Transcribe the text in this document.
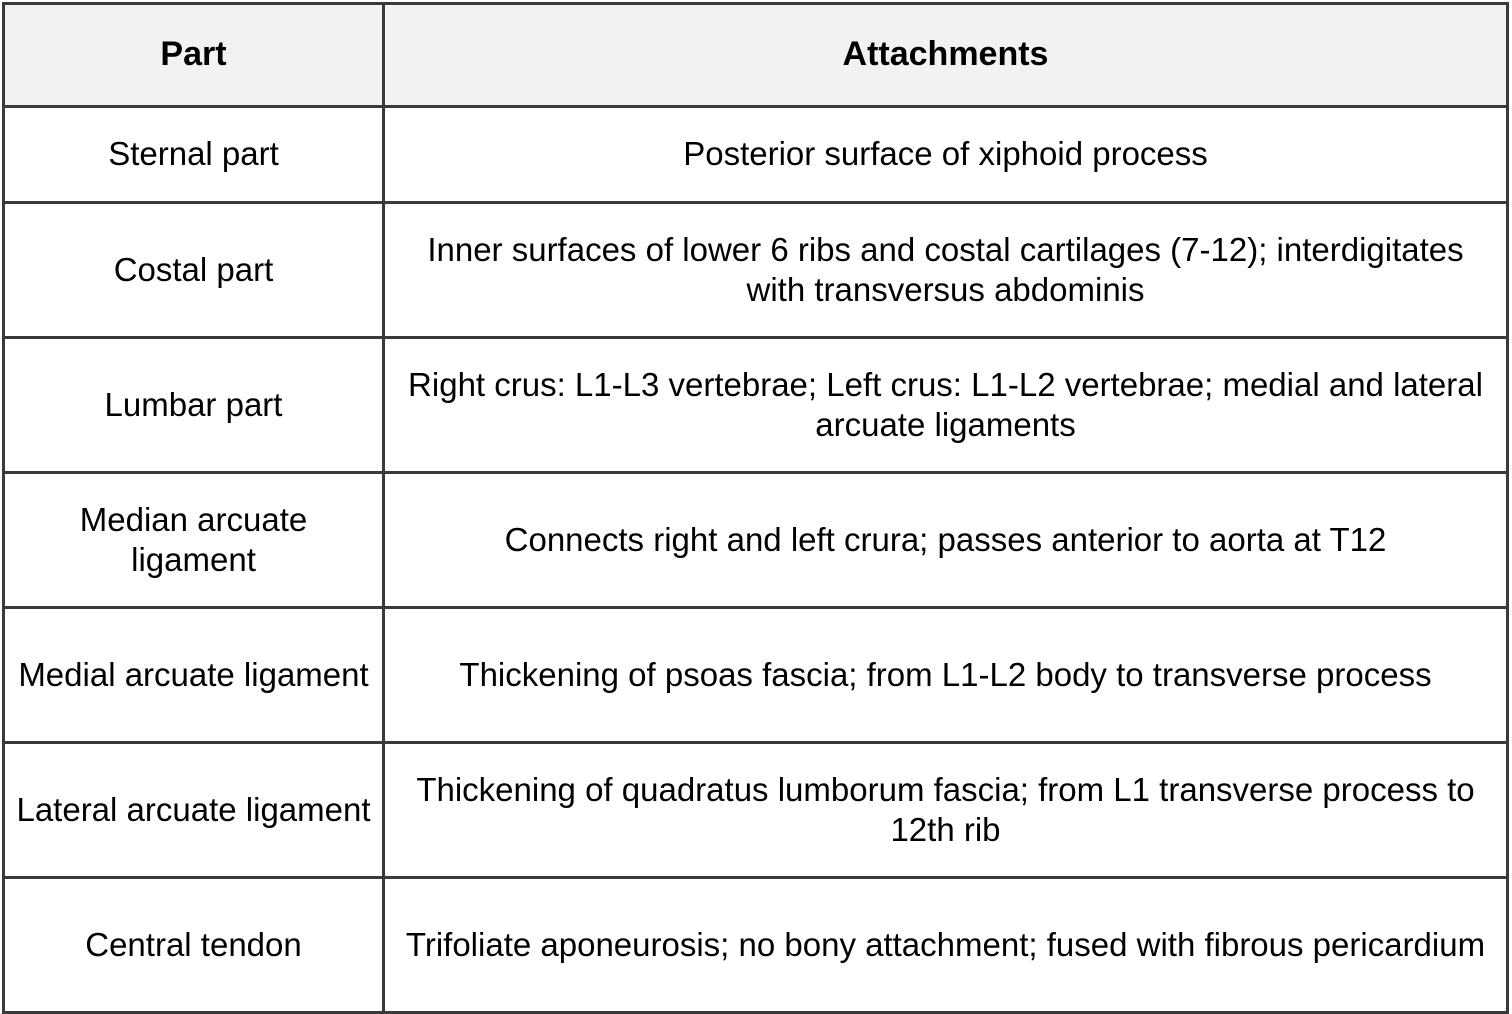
Part	Attachments
Sternal part	Posterior surface of xiphoid process
Costal part	Inner surfaces of lower 6 ribs and costal cartilages (7-12); interdigitates with transversus abdominis
Lumbar part	Right crus: L1-L3 vertebrae; Left crus: L1-L2 vertebrae; medial and lateral arcuate ligaments
Median arcuate ligament	Connects right and left crura; passes anterior to aorta at T12
Medial arcuate ligament	Thickening of psoas fascia; from L1-L2 body to transverse process
Lateral arcuate ligament	Thickening of quadratus lumborum fascia; from L1 transverse process to 12th rib
Central tendon	Trifoliate aponeurosis; no bony attachment; fused with fibrous pericardium
